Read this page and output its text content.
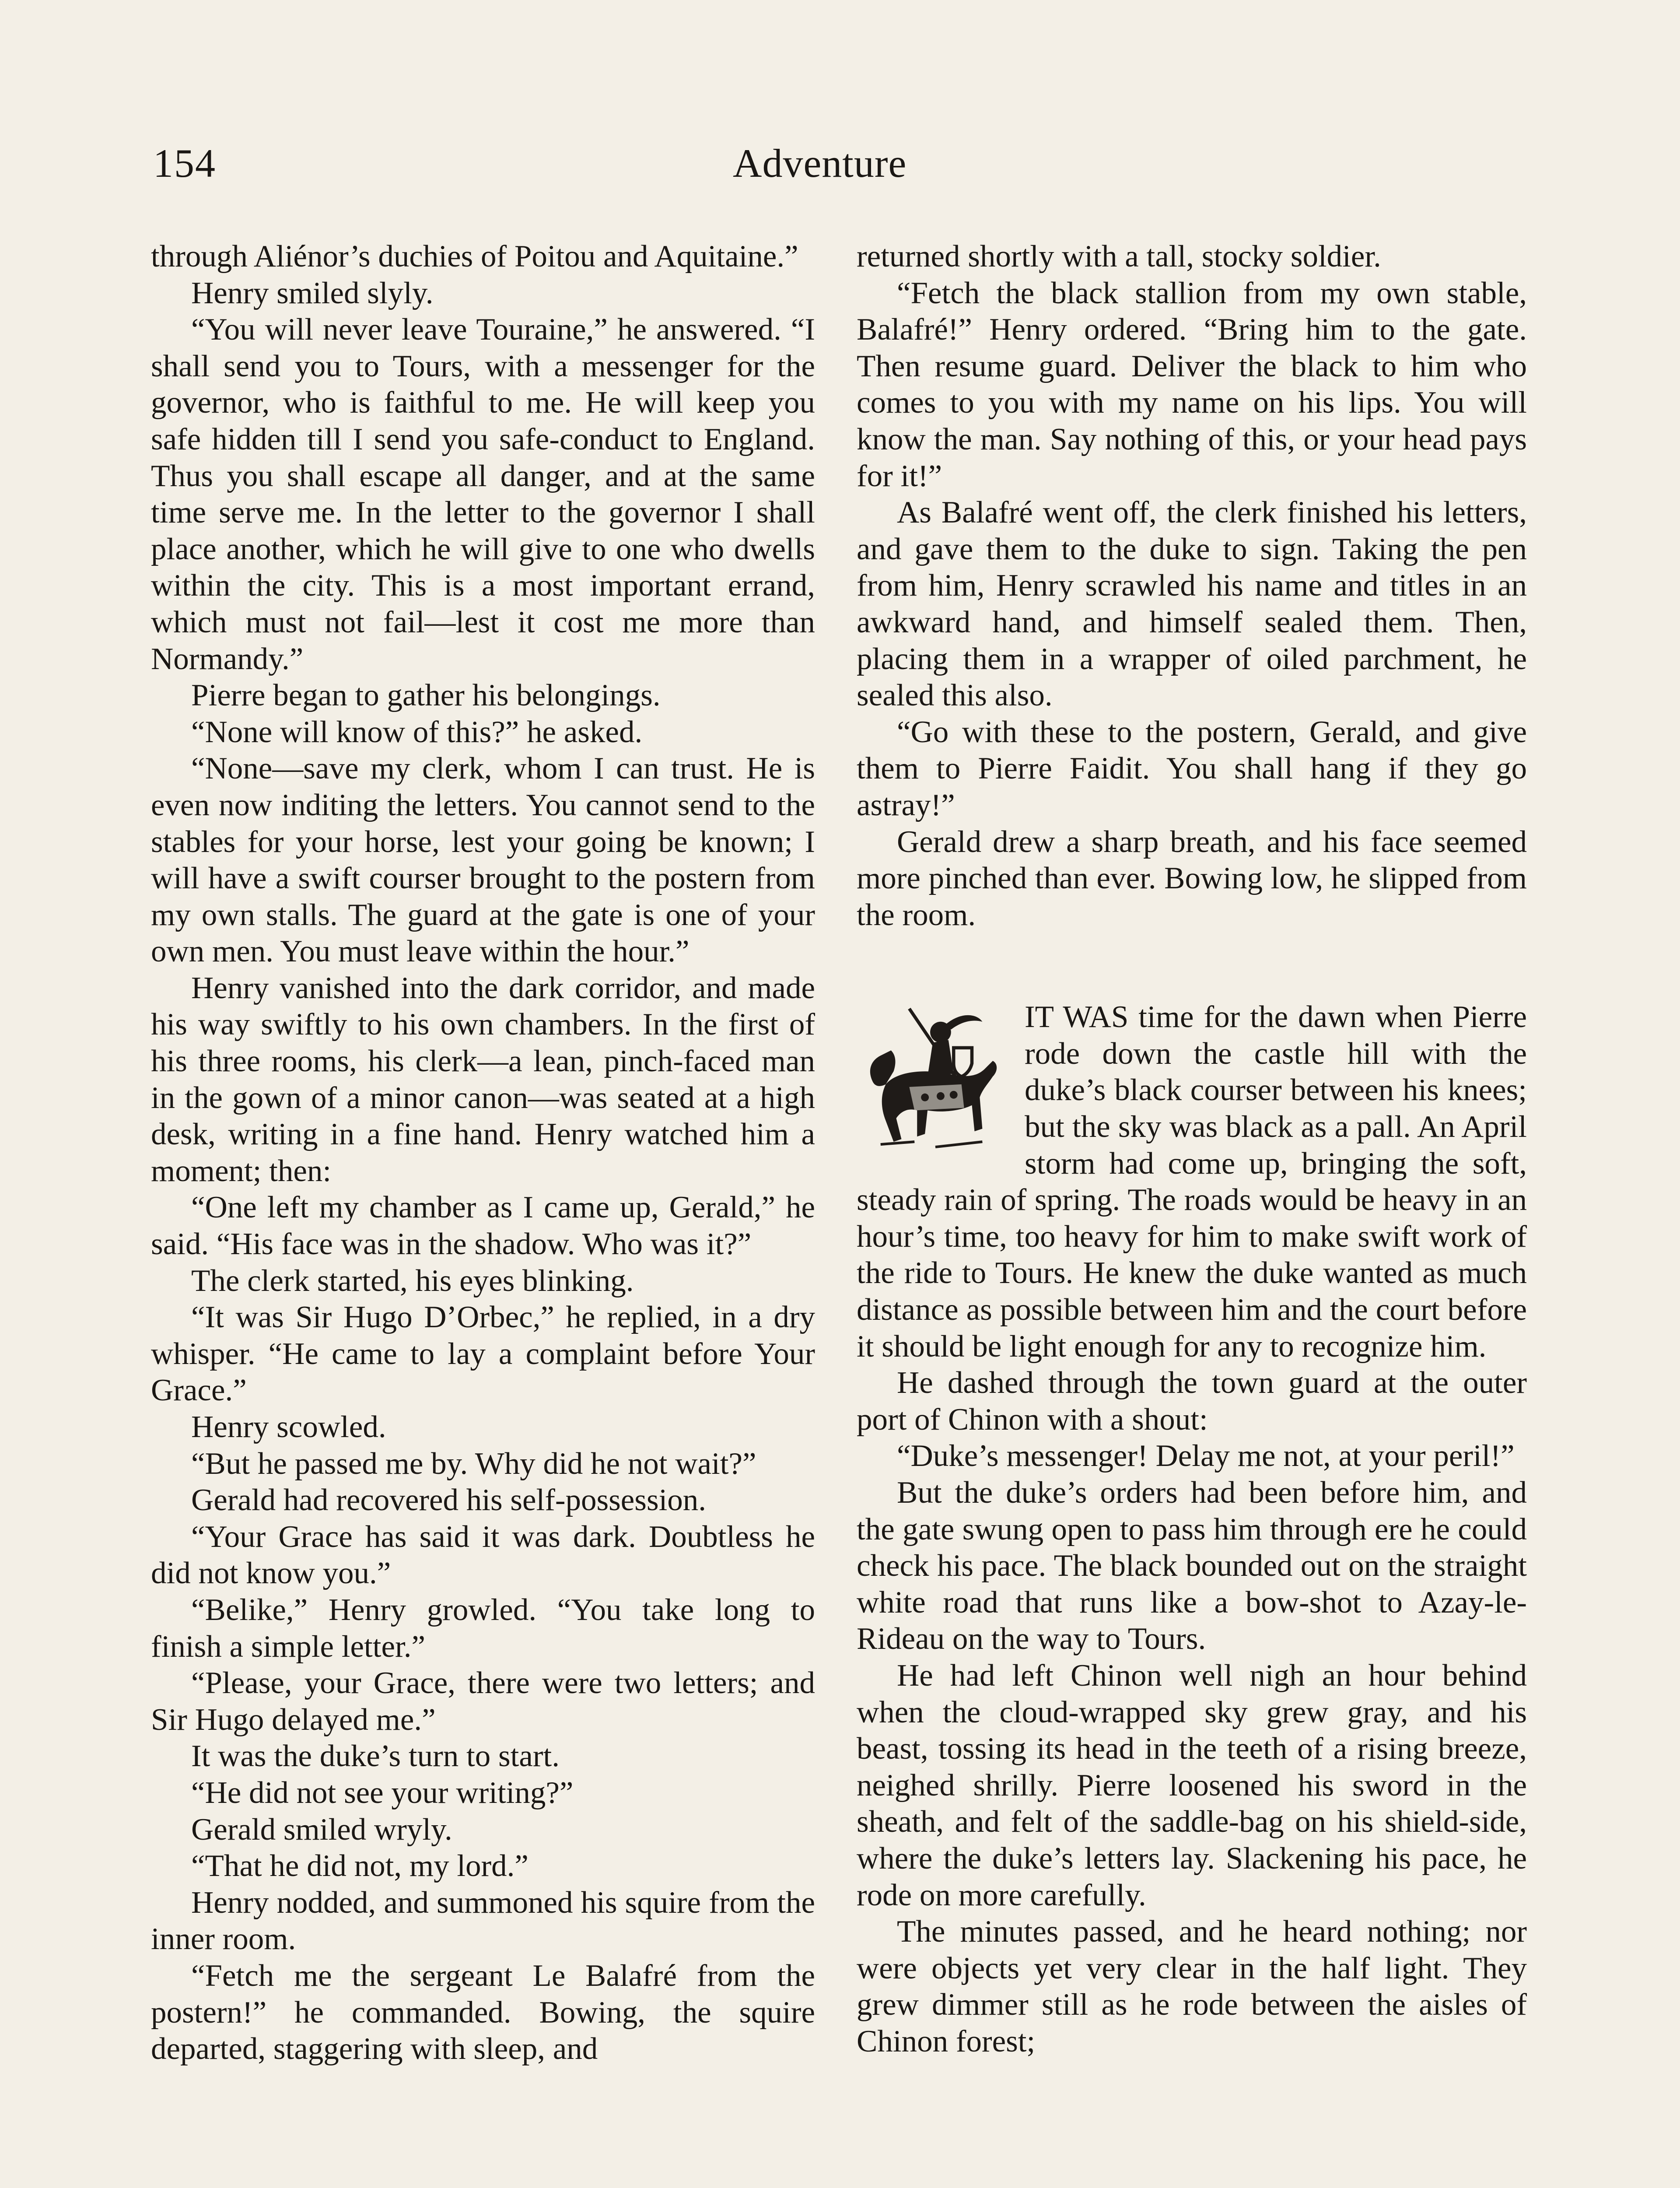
154	Adventure

through Aliénor’s duchies of Poitou and Aquitaine.”

Henry smiled slyly.

“You will never leave Touraine,” he answered. “I shall send you to Tours, with a messenger for the governor, who is faithful to me. He will keep you safe hidden till I send you safe-conduct to England. Thus you shall escape all danger, and at the same time serve me. In the letter to the governor I shall place another, which he will give to one who dwells within the city. This is a most important errand, which must not fail—lest it cost me more than Normandy.”

Pierre began to gather his belongings.

“None will know of this?” he asked.

“None—save my clerk, whom I can trust. He is even now inditing the letters. You cannot send to the stables for your horse, lest your going be known; I will have a swift courser brought to the postern from my own stalls. The guard at the gate is one of your own men. You must leave within the hour.”

Henry vanished into the dark corridor, and made his way swiftly to his own chambers. In the first of his three rooms, his clerk—a lean, pinch-faced man in the gown of a minor canon—was seated at a high desk, writing in a fine hand. Henry watched him a moment; then:

“One left my chamber as I came up, Gerald,” he said. “His face was in the shadow. Who was it?”

The clerk started, his eyes blinking.

“It was Sir Hugo D’Orbec,” he replied, in a dry whisper. “He came to lay a complaint before Your Grace.”

Henry scowled.

“But he passed me by. Why did he not wait?”

Gerald had recovered his self-possession.

“Your Grace has said it was dark. Doubtless he did not know you.”

“Belike,” Henry growled. “You take long to finish a simple letter.”

“Please, your Grace, there were two letters; and Sir Hugo delayed me.”

It was the duke’s turn to start.

“He did not see your writing?”

Gerald smiled wryly.

“That he did not, my lord.”

Henry nodded, and summoned his squire from the inner room.

“Fetch me the sergeant Le Balafré from the postern!” he commanded. Bowing, the squire departed, staggering with sleep, and

returned shortly with a tall, stocky soldier.

“Fetch the black stallion from my own stable, Balafré!” Henry ordered. “Bring him to the gate. Then resume guard. Deliver the black to him who comes to you with my name on his lips. You will know the man. Say nothing of this, or your head pays for it!”

As Balafré went off, the clerk finished his letters, and gave them to the duke to sign. Taking the pen from him, Henry scrawled his name and titles in an awkward hand, and himself sealed them. Then, placing them in a wrapper of oiled parchment, he sealed this also.

“Go with these to the postern, Gerald, and give them to Pierre Faidit. You shall hang if they go astray!”

Gerald drew a sharp breath, and his face seemed more pinched than ever. Bowing low, he slipped from the room.

IT WAS time for the dawn when Pierre rode down the castle hill with the duke’s black courser between his knees; but the sky was black as a pall. An April storm had come up, bringing the soft, steady rain of spring. The roads would be heavy in an hour’s time, too heavy for him to make swift work of the ride to Tours. He knew the duke wanted as much distance as possible between him and the court before it should be light enough for any to recognize him.

He dashed through the town guard at the outer port of Chinon with a shout:

“Duke’s messenger! Delay me not, at your peril!”

But the duke’s orders had been before him, and the gate swung open to pass him through ere he could check his pace. The black bounded out on the straight white road that runs like a bow-shot to Azay-le-Rideau on the way to Tours.

He had left Chinon well nigh an hour behind when the cloud-wrapped sky grew gray, and his beast, tossing its head in the teeth of a rising breeze, neighed shrilly. Pierre loosened his sword in the sheath, and felt of the saddle-bag on his shield-side, where the duke’s letters lay. Slackening his pace, he rode on more carefully.

The minutes passed, and he heard nothing; nor were objects yet very clear in the half light. They grew dimmer still as he rode between the aisles of Chinon forest;
